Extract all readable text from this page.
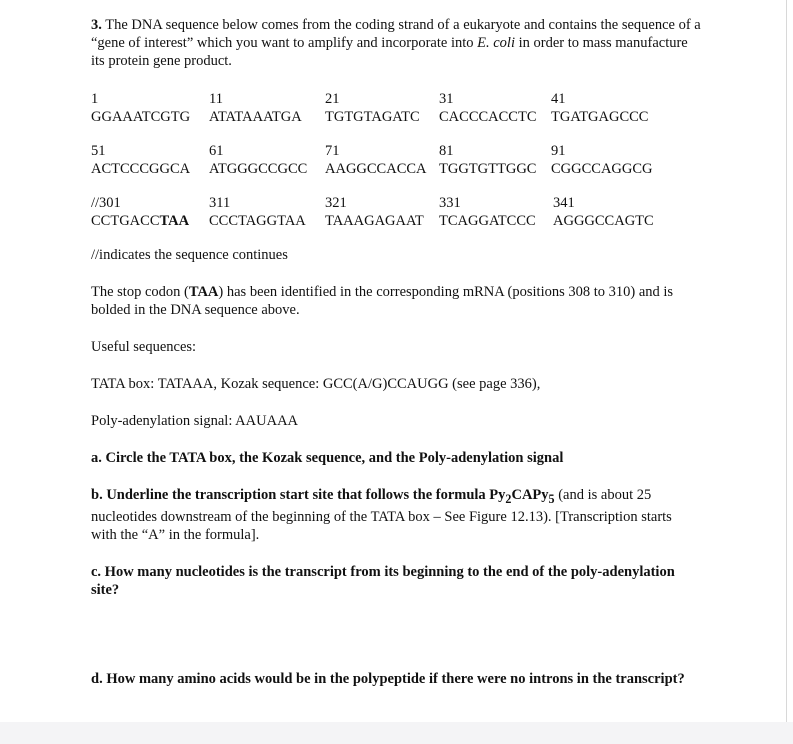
3. The DNA sequence below comes from the coding strand of a eukaryote and contains the sequence of a “gene of interest” which you want to amplify and incorporate into E. coli in order to mass manufacture its protein gene product.

1	11	21	31	41
GGAAATCGTG ATATAAATGA TGTGTAGATC CACCCACCTC TGATGAGCCC
51	61	71	81	91
ACTCCCGGCA ATGGGCCGCC AAGGCCACCA TGGTGTTGGC CGGCCAGGCG
//301	311	321	331	341
CCTGACCTAA CCCTAGGTAA TAAAGAGAAT TCAGGATCCC AGGGCCAGTC

//indicates the sequence continues

The stop codon (TAA) has been identified in the corresponding mRNA (positions 308 to 310) and is bolded in the DNA sequence above.

Useful sequences:

TATA box: TATAAA, Kozak sequence: GCC(A/G)CCAUGG (see page 336),

Poly-adenylation signal: AAUAAA

a. Circle the TATA box, the Kozak sequence, and the Poly-adenylation signal

b. Underline the transcription start site that follows the formula $Py_2CAPy_5$ (and is about 25 nucleotides downstream of the beginning of the TATA box – See Figure 12.13). [Transcription starts with the “A” in the formula].

c. How many nucleotides is the transcript from its beginning to the end of the poly-adenylation site?

d. How many amino acids would be in the polypeptide if there were no introns in the transcript?
